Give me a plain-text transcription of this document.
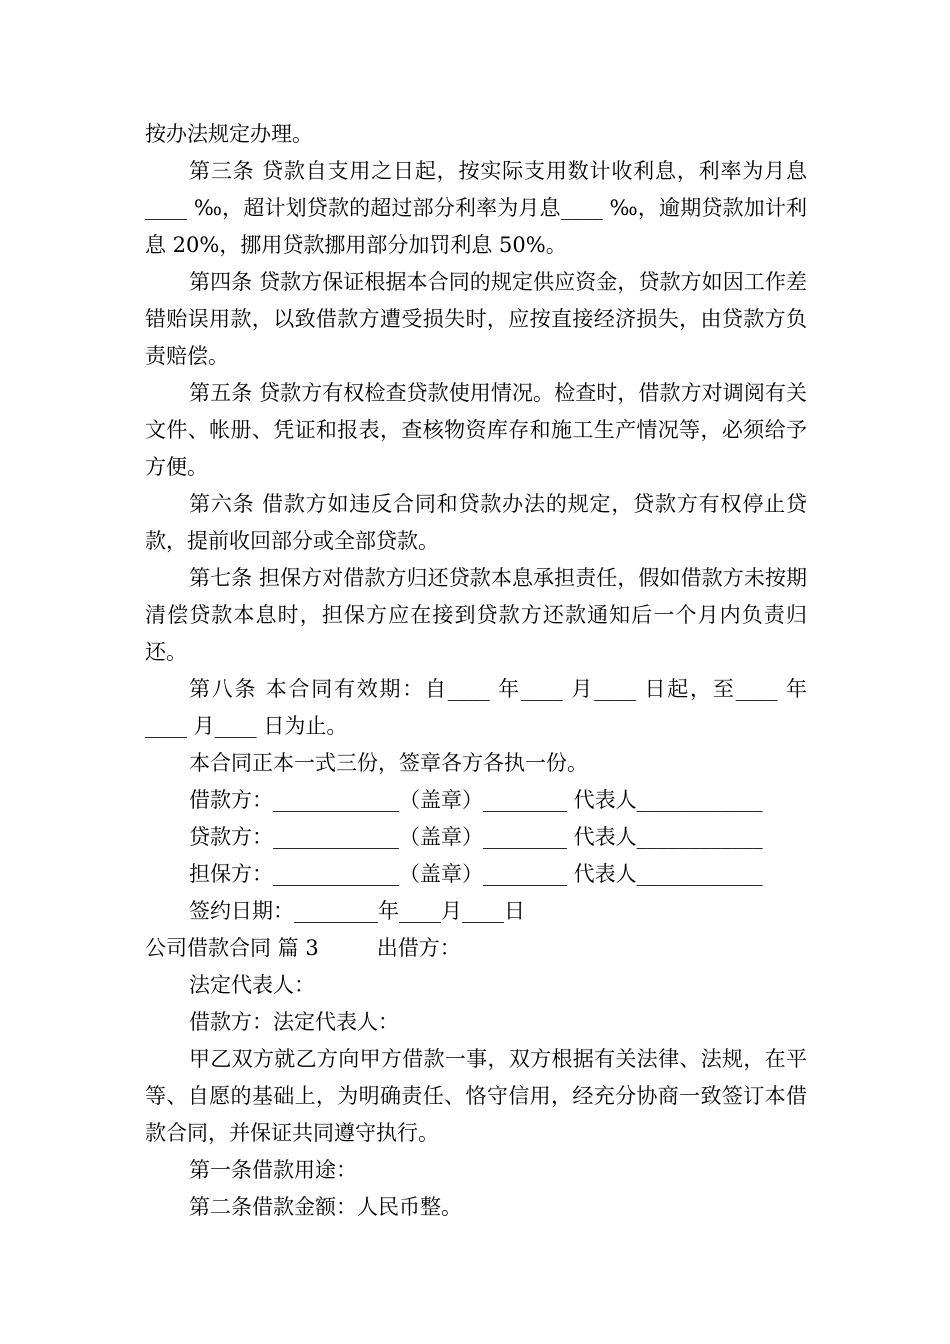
按办法规定办理。

第三条 贷款自支用之日起，按实际支用数计收利息，利率为月息____ ‰，超计划贷款的超过部分利率为月息____ ‰，逾期贷款加计利息 20%，挪用贷款挪用部分加罚利息 50%。

第四条 贷款方保证根据本合同的规定供应资金，贷款方如因工作差错贻误用款，以致借款方遭受损失时，应按直接经济损失，由贷款方负责赔偿。

第五条 贷款方有权检查贷款使用情况。检查时，借款方对调阅有关文件、帐册、凭证和报表，查核物资库存和施工生产情况等，必须给予方便。

第六条 借款方如违反合同和贷款办法的规定，贷款方有权停止贷款，提前收回部分或全部贷款。

第七条 担保方对借款方归还贷款本息承担责任，假如借款方未按期清偿贷款本息时，担保方应在接到贷款方还款通知后一个月内负责归还。

第八条 本合同有效期：自____ 年____ 月____ 日起，至____ 年____ 月____ 日为止。

本合同正本一式三份，签章各方各执一份。

借款方：____________（盖章）________ 代表人____________

贷款方：____________（盖章）________ 代表人____________

担保方：____________（盖章）________ 代表人____________

签约日期：________年____月____日

公司借款合同 篇 3	出借方：

法定代表人：

借款方：法定代表人：

甲乙双方就乙方向甲方借款一事，双方根据有关法律、法规，在平等、自愿的基础上，为明确责任、恪守信用，经充分协商一致签订本借款合同，并保证共同遵守执行。

第一条借款用途：

第二条借款金额：人民币整。
